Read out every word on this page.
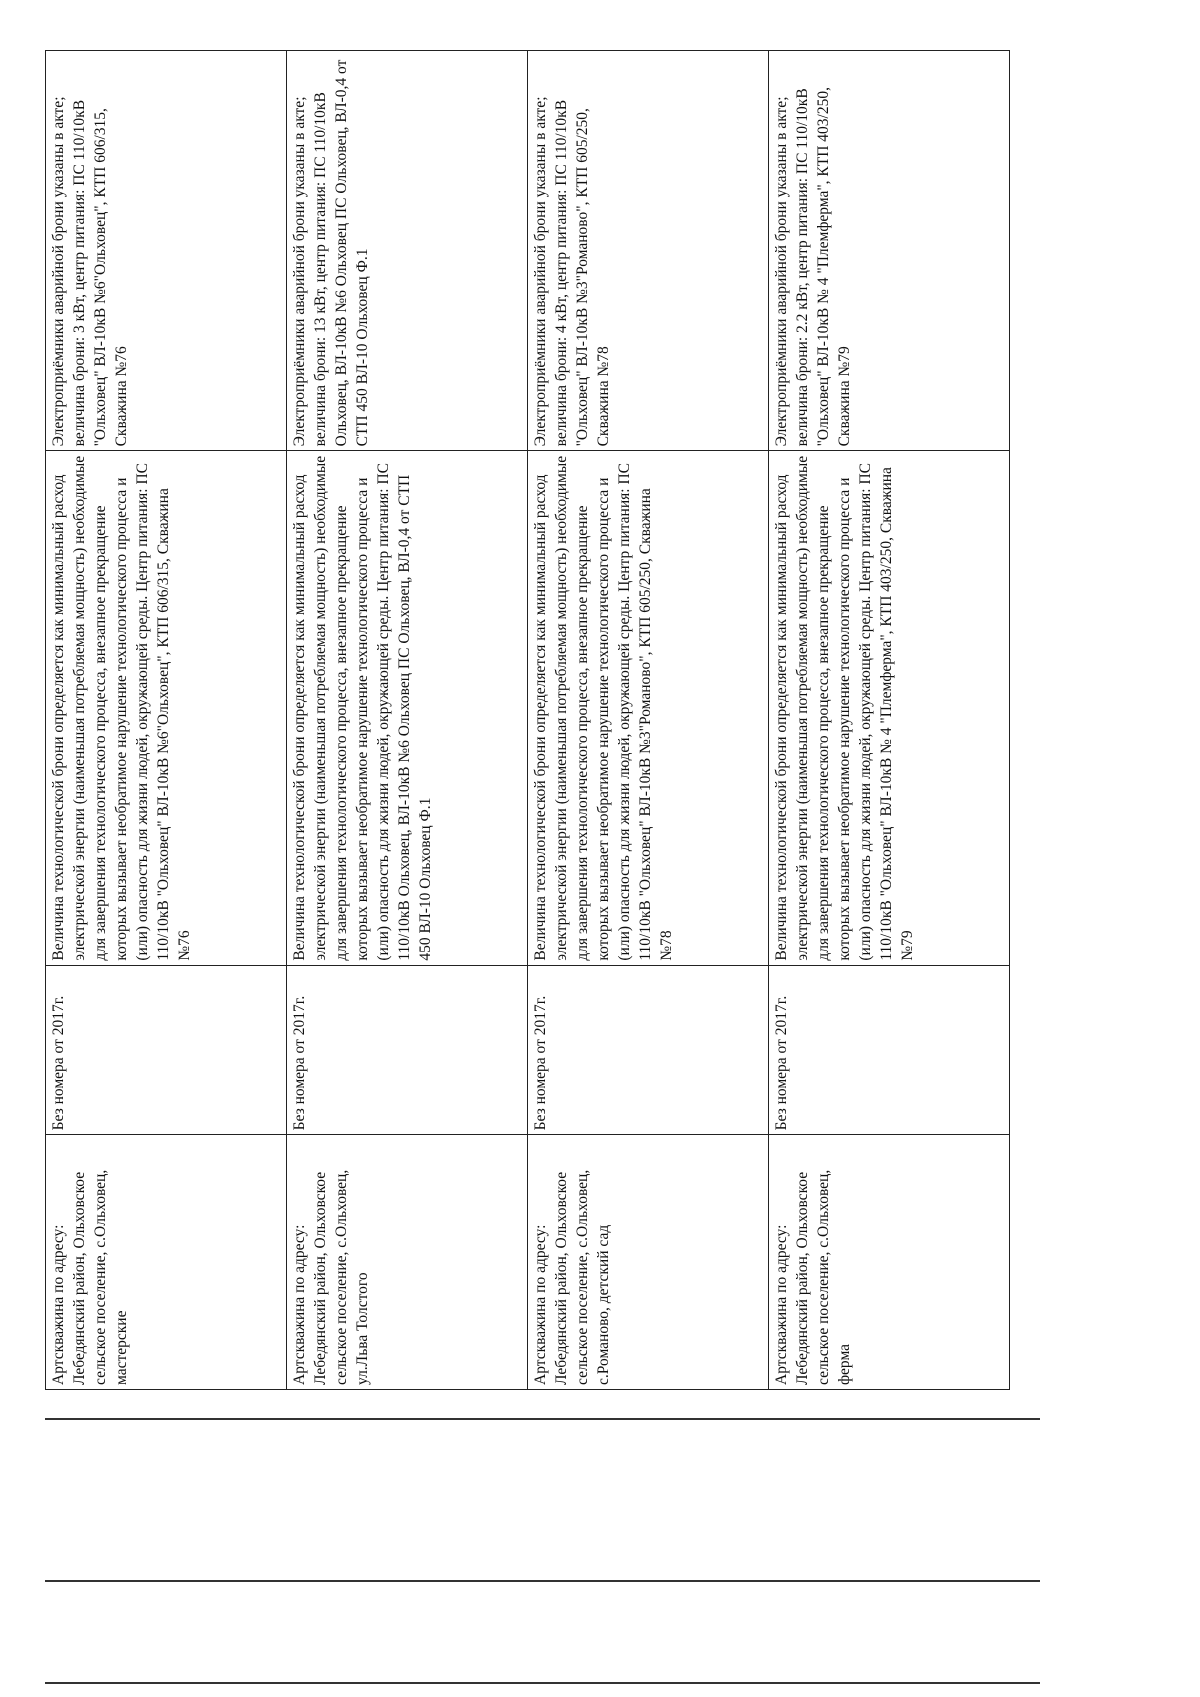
Артскважина по адресу: Лебедянский район, Ольховское сельское поселение, с.Ольховец, мастерские
Без номера от 2017г.
Величина технологической брони определяется как минимальный расход электрической энергии (наименьшая потребляемая мощность) необходимые для завершения технологического процесса, внезапное прекращение которых вызывает необратимое нарушение технологического процесса и (или) опасность для жизни людей, окружающей среды. Центр питания: ПС 110/10кВ "Ольховец" ВЛ-10кВ №6"Ольховец", КТП 606/315, Скважина №76
Электроприёмники аварийной брони указаны в акте; величина брони: 3 кВт, центр питания: ПС 110/10кВ "Ольховец" ВЛ-10кВ №6"Ольховец", КТП 606/315, Скважина №76
Артскважина по адресу: Лебедянский район, Ольховское сельское поселение, с.Ольховец, ул.Льва Толстого
Без номера от 2017г.
Величина технологической брони определяется как минимальный расход электрической энергии (наименьшая потребляемая мощность) необходимые для завершения технологического процесса, внезапное прекращение которых вызывает необратимое нарушение технологического процесса и (или) опасность для жизни людей, окружающей среды. Центр питания: ПС 110/10кВ Ольховец, ВЛ-10кВ №6 Ольховец ПС Ольховец, ВЛ-0,4 от СТП 450 ВЛ-10 Ольховец Ф.1
Электроприёмники аварийной брони указаны в акте; величина брони: 13 кВт, центр питания: ПС 110/10кВ Ольховец, ВЛ-10кВ №6 Ольховец ПС Ольховец, ВЛ-0,4 от СТП 450 ВЛ-10 Ольховец Ф.1
Артскважина по адресу: Лебедянский район, Ольховское сельское поселение, с.Ольховец, с.Романово, детский сад
Без номера от 2017г.
Величина технологической брони определяется как минимальный расход электрической энергии (наименьшая потребляемая мощность) необходимые для завершения технологического процесса, внезапное прекращение которых вызывает необратимое нарушение технологического процесса и (или) опасность для жизни людей, окружающей среды. Центр питания: ПС 110/10кВ "Ольховец" ВЛ-10кВ №3"Романово", КТП 605/250, Скважина №78
Электроприёмники аварийной брони указаны в акте; величина брони: 4 кВт, центр питания: ПС 110/10кВ "Ольховец" ВЛ-10кВ №3"Романово", КТП 605/250, Скважина №78
Артскважина по адресу: Лебедянский район, Ольховское сельское поселение, с.Ольховец, ферма
Без номера от 2017г.
Величина технологической брони определяется как минимальный расход электрической энергии (наименьшая потребляемая мощность) необходимые для завершения технологического процесса, внезапное прекращение которых вызывает необратимое нарушение технологического процесса и (или) опасность для жизни людей, окружающей среды. Центр питания: ПС 110/10кВ "Ольховец" ВЛ-10кВ № 4 "Племферма", КТП 403/250, Скважина №79
Электроприёмники аварийной брони указаны в акте; величина брони: 2.2 кВт, центр питания: ПС 110/10кВ "Ольховец" ВЛ-10кВ № 4 "Племферма", КТП 403/250, Скважина №79
